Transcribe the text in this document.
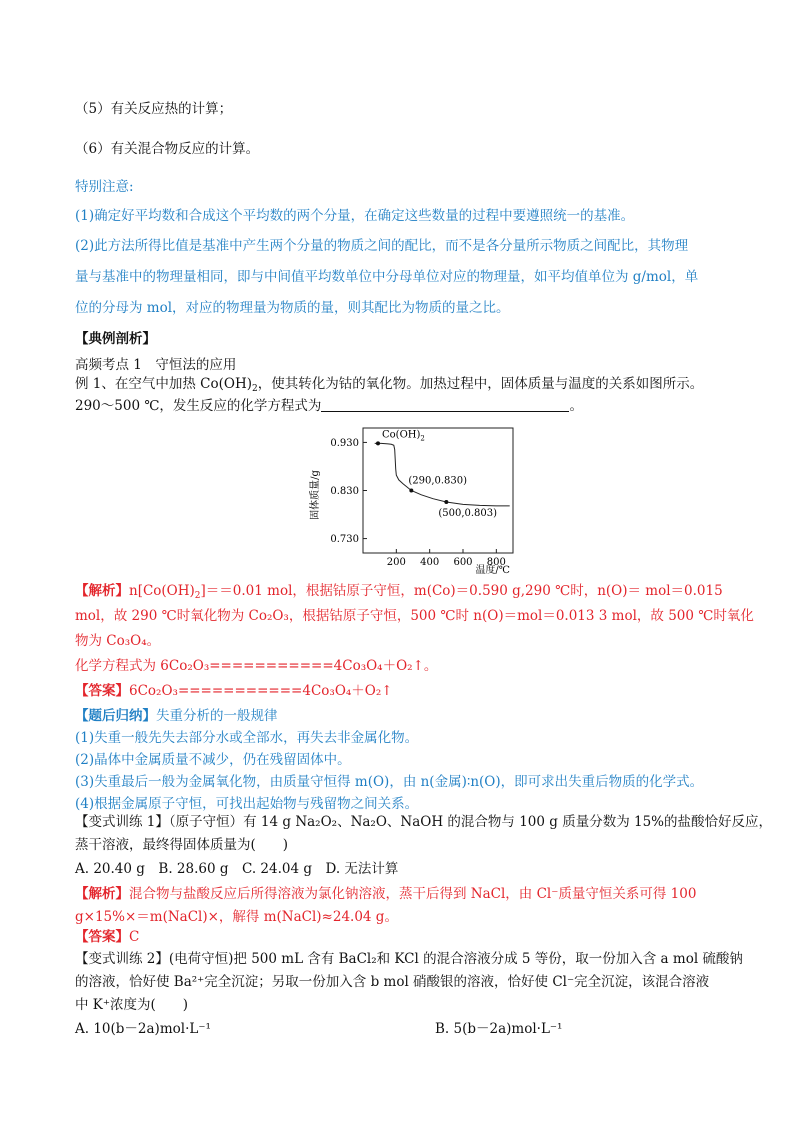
（5）有关反应热的计算；
（6）有关混合物反应的计算。
特别注意:
(1)确定好平均数和合成这个平均数的两个分量，在确定这些数量的过程中要遵照统一的基准。
(2)此方法所得比值是基准中产生两个分量的物质之间的配比，而不是各分量所示物质之间配比，其物理
量与基准中的物理量相同，即与中间值平均数单位中分母单位对应的物理量，如平均值单位为 g/mol，单
位的分母为 mol，对应的物理量为物质的量，则其配比为物质的量之比。
【典例剖析】
高频考点 1　守恒法的应用
例 1、在空气中加热 $Co(OH)_2$，使其转化为钴的氧化物。加热过程中，固体质量与温度的关系如图所示。
290～500 ℃，发生反应的化学方程式为	。
固体质量/g
温度/℃
0.930
0.830
0.730
200 400 600 800
$Co(OH)_2$
(290,0.830)
(500,0.803)
【解析】$n[Co(OH)_2]==0.01$ mol，根据钴原子守恒，m(Co)＝0.590 g,290 ℃时，n(O)＝ mol＝0.015
mol，故 290 ℃时氧化物为 Co₂O₃，根据钴原子守恒，500 ℃时 n(O)＝mol＝0.013 3 mol，故 500 ℃时氧化
物为 Co₃O₄。
化学方程式为 6Co₂O₃===========4Co₃O₄＋O₂↑。
【答案】6Co₂O₃===========4Co₃O₄＋O₂↑
【题后归纳】失重分析的一般规律
(1)失重一般先失去部分水或全部水，再失去非金属化物。
(2)晶体中金属质量不减少，仍在残留固体中。
(3)失重最后一般为金属氧化物，由质量守恒得 m(O)，由 n(金属)∶n(O)，即可求出失重后物质的化学式。
(4)根据金属原子守恒，可找出起始物与残留物之间关系。
【变式训练 1】（原子守恒）有 14 g Na₂O₂、Na₂O、NaOH 的混合物与 100 g 质量分数为 15%的盐酸恰好反应，
蒸干溶液，最终得固体质量为(　　)
A. 20.40 g　B. 28.60 g　C. 24.04 g　D. 无法计算
【解析】混合物与盐酸反应后所得溶液为氯化钠溶液，蒸干后得到 NaCl，由 Cl⁻质量守恒关系可得 100
g×15%×＝m(NaCl)×，解得 m(NaCl)≈24.04 g。
【答案】C
【变式训练 2】(电荷守恒)把 500 mL 含有 BaCl₂和 KCl 的混合溶液分成 5 等份，取一份加入含 a mol 硫酸钠
的溶液，恰好使 Ba²⁺完全沉淀；另取一份加入含 b mol 硝酸银的溶液，恰好使 Cl⁻完全沉淀，该混合溶液
中 K⁺浓度为(　　)
A. 10(b－2a)mol·L⁻¹	B. 5(b－2a)mol·L⁻¹
